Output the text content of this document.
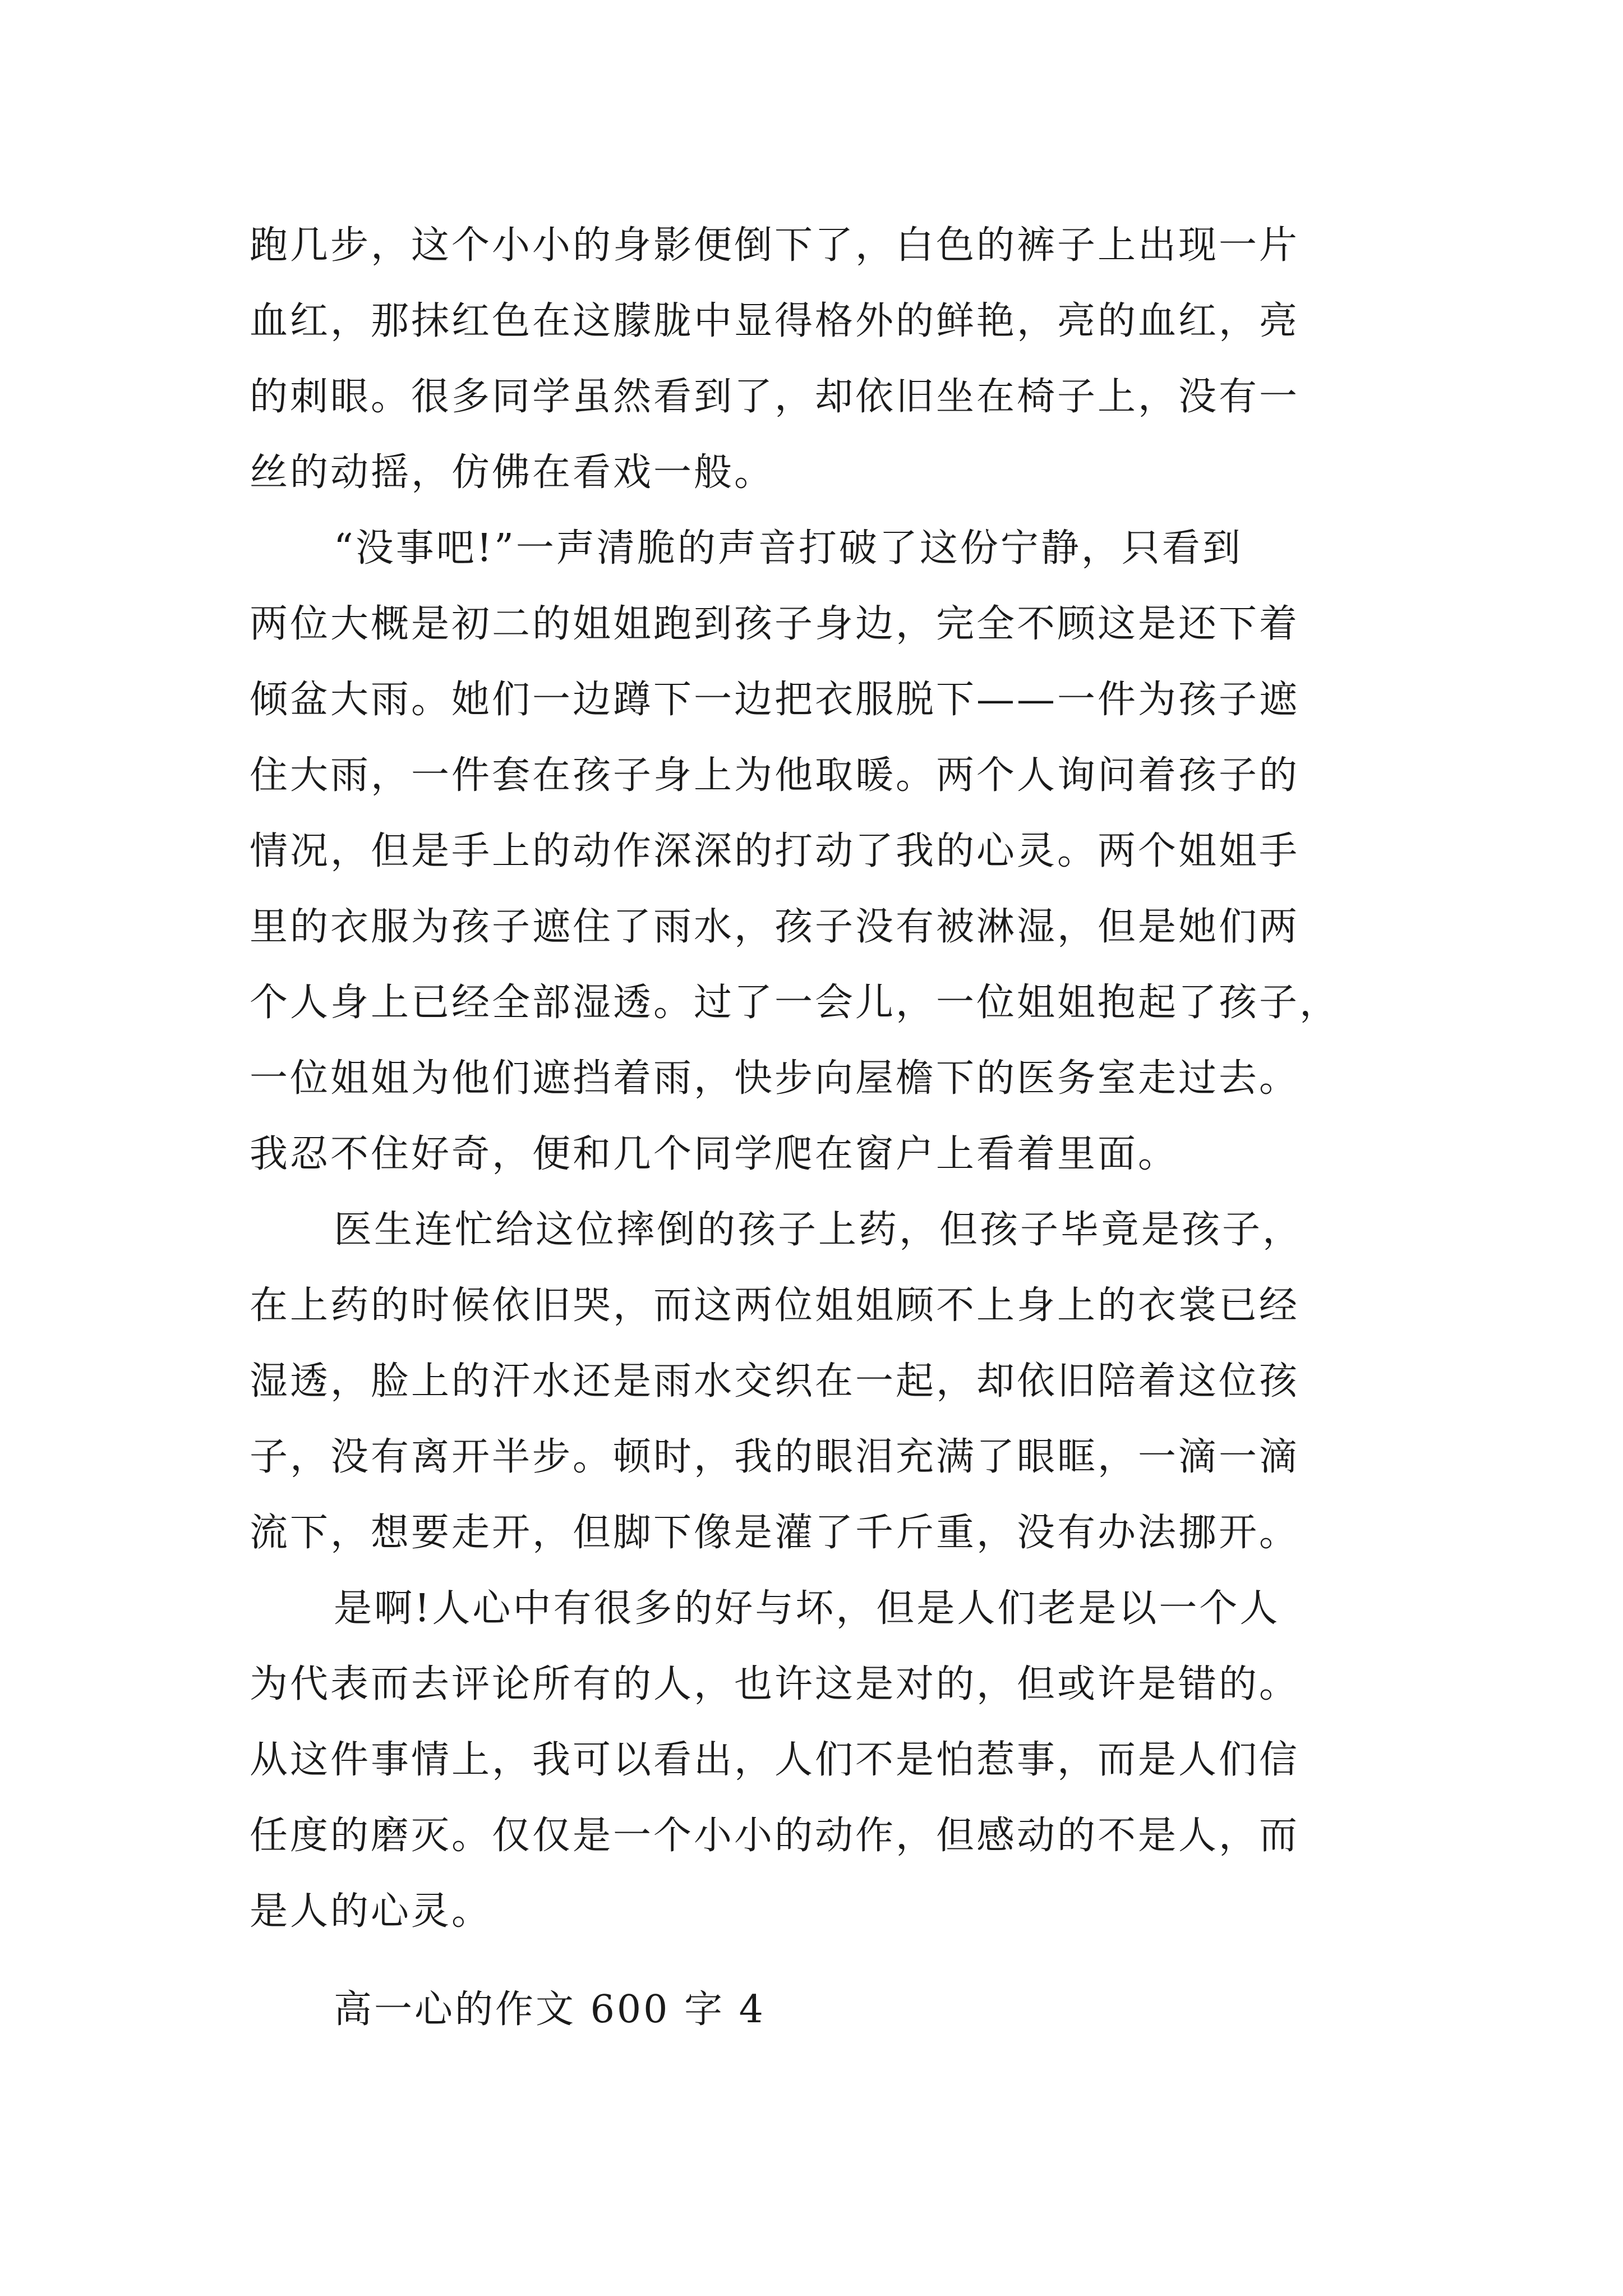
跑几步，这个小小的身影便倒下了，白色的裤子上出现一片
血红，那抹红色在这朦胧中显得格外的鲜艳，亮的血红，亮
的刺眼。很多同学虽然看到了，却依旧坐在椅子上，没有一
丝的动摇，仿佛在看戏一般。
“没事吧!”一声清脆的声音打破了这份宁静，只看到
两位大概是初二的姐姐跑到孩子身边，完全不顾这是还下着
倾盆大雨。她们一边蹲下一边把衣服脱下——一件为孩子遮
住大雨，一件套在孩子身上为他取暖。两个人询问着孩子的
情况，但是手上的动作深深的打动了我的心灵。两个姐姐手
里的衣服为孩子遮住了雨水，孩子没有被淋湿，但是她们两
个人身上已经全部湿透。过了一会儿，一位姐姐抱起了孩子，
一位姐姐为他们遮挡着雨，快步向屋檐下的医务室走过去。
我忍不住好奇，便和几个同学爬在窗户上看着里面。
医生连忙给这位摔倒的孩子上药，但孩子毕竟是孩子，
在上药的时候依旧哭，而这两位姐姐顾不上身上的衣裳已经
湿透，脸上的汗水还是雨水交织在一起，却依旧陪着这位孩
子，没有离开半步。顿时，我的眼泪充满了眼眶，一滴一滴
流下，想要走开，但脚下像是灌了千斤重，没有办法挪开。
是啊!人心中有很多的好与坏，但是人们老是以一个人
为代表而去评论所有的人，也许这是对的，但或许是错的。
从这件事情上，我可以看出，人们不是怕惹事，而是人们信
任度的磨灭。仅仅是一个小小的动作，但感动的不是人，而
是人的心灵。
高一心的作文 600 字 4
